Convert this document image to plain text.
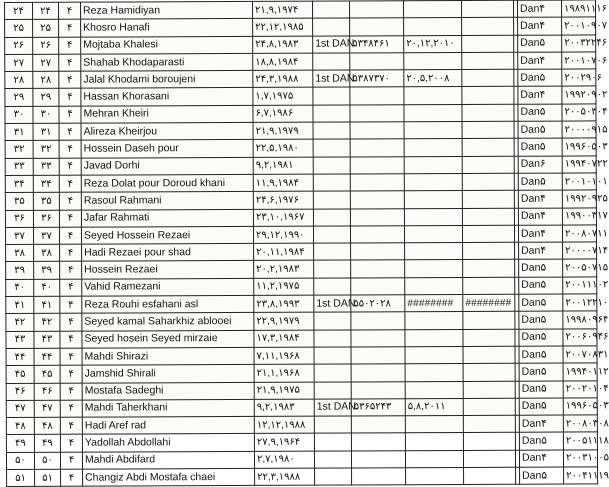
۲۴	۲۴	۴	Reza Hamidiyan	۲۱,۹,۱۹۷۴						Dan۴	۱۹۸۹۱۱۱۶
۲۵	۲۵	۴	Khosro Hanafi	۲۲,۱۲,۱۹۸۵						Dan۴	۲۰۰۱۰۹۰۷
۲۶	۲۶	۴	Mojtaba Khalesi	۲۴,۸,۱۹۸۳	1st DAN	۵۳۴۸۴۶۱	۲۰,۱۲,۲۰۱۰			Dan۵	۲۰۰۳۲۲۴۶
۲۷	۲۷	۴	Shahab Khodaparasti	۱۸,۸,۱۹۸۴						Dan۴	۲۰۰۱۰۷۰۶
۲۸	۲۸	۴	Jalal Khodami boroujeni	۲۴,۳,۱۹۸۸	1st DAN	۵۳۸۷۳۷۰	۲۰,۵,۲۰۰۸			Dan۵	۲۰۰۲۹۰۶
۲۹	۲۹	۴	Hassan Khorasani	۱,۷,۱۹۷۵						Dan۴	۱۹۹۲۰۹۰۲
۳۰	۳۰	۴	Mehran Kheiri	۶,۷,۱۹۸۶						Dan۵	۲۰۰۵۰۳۰۴
۳۱	۳۱	۴	Alireza Kheirjou	۲۱,۹,۱۹۷۹						Dan۵	۲۰۰۰۰۹۱۵
۳۲	۳۲	۴	Hossein Daseh pour	۲۲,۵,۱۹۸۰						Dan۵	۱۹۹۶۰۵۰۳
۳۳	۳۳	۴	Javad Dorhi	۹,۲,۱۹۸۱						Dan۶	۱۹۹۴۰۷۲۲
۳۴	۳۴	۴	Reza Dolat pour Doroud khani	۱۱,۹,۱۹۸۴						Dan۵	۲۰۰۱۰۱۰۱
۳۵	۳۵	۴	Rasoul Rahmani	۲۴,۶,۱۹۷۶						Dan۴	۱۹۹۲۰۹۲۵
۳۶	۳۶	۴	Jafar Rahmati	۲۳,۱۰,۱۹۶۷						Dan۴	۱۹۹۰۰۳۱۷
۳۷	۳۷	۴	Seyed Hossein Rezaei	۲۹,۱۲,۱۹۹۰						Dan۴	۲۰۰۸۰۷۱۱
۳۸	۳۸	۴	Hadi Rezaei pour shad	۲۰,۱۱,۱۹۸۴						Dan۴	۲۰۰۰۰۷۱۴
۳۹	۳۹	۴	Hossein Rezaei	۲۰,۲,۱۹۸۳						Dan۵	۲۰۰۵۰۷۱۵
۴۰	۴۰	۴	Vahid Ramezani	۱۱,۲,۱۹۷۵						Dan۵	۲۰۰۱۱۱۰۲
۴۱	۴۱	۴	Reza Rouhi esfahani asl	۲۳,۸,۱۹۹۳	1st DAN	۵۵۰۲۰۲۸	########	########		Dan۵	۲۰۰۱۲۲۱۰
۴۲	۴۲	۴	Seyed kamal Saharkhiz ablooei	۲۲,۹,۱۹۷۹						Dan۵	۱۹۹۸۰۹۶۴
۴۳	۴۳	۴	Seyed hosein Seyed mirzaie	۱۷,۳,۱۹۸۴						Dan۵	۲۰۰۶۰۹۴۶
۴۴	۴۴	۴	Mahdi Shirazi	۷,۱۱,۱۹۶۸						Dan۵	۲۰۰۷۰۸۳۱
۴۵	۴۵	۴	Jamshid Shirali	۲۱,۱,۱۹۶۸						Dan۵	۱۹۹۴۰۱۱۲
۴۶	۴۶	۴	Mostafa Sadeghi	۲۱,۹,۱۹۷۵						Dan۵	۲۰۰۲۰۱۰۴
۴۷	۴۷	۴	Mahdi Taherkhani	۹,۲,۱۹۸۳	1st DAN	۵۳۶۵۲۴۳	۵,۸,۲۰۱۱			Dan۵	۱۹۹۶۰۵۰۳
۴۸	۴۸	۴	Hadi Aref rad	۱۲,۱۲,۱۹۸۸						Dan۴	۲۰۰۸۰۳۰۸
۴۹	۴۹	۴	Yadollah Abdollahi	۲۷,۹,۱۹۶۴						Dan۵	۲۰۰۵۱۱۱۸
۵۰	۵۰	۴	Mahdi Abdifard	۲,۷,۱۹۸۰						Dan۴	۲۰۰۳۱۰۰۵
۵۱	۵۱	۴	Changiz Abdi Mostafa chaei	۲۲,۳,۱۹۸۸						Dan۵	۲۰۰۴۱۱۱۹
